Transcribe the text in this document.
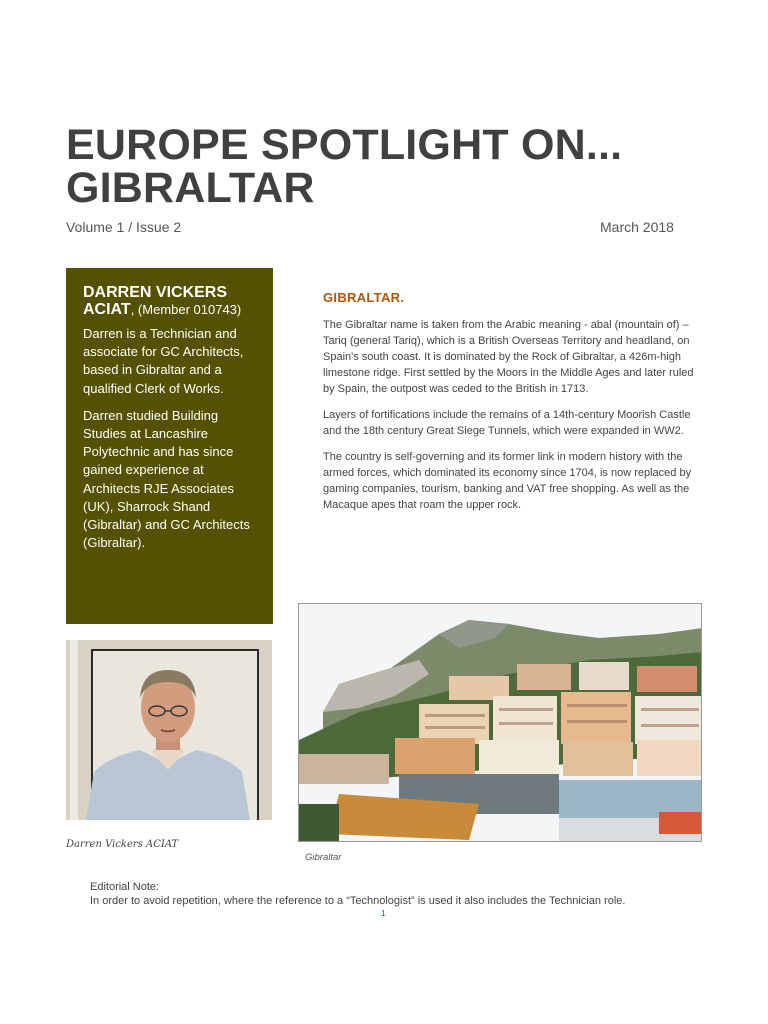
EUROPE SPOTLIGHT ON...
GIBRALTAR
Volume 1 / Issue 2	March 2018
DARREN VICKERS ACIAT, (Member 010743)

Darren is a Technician and associate for GC Architects, based in Gibraltar and a qualified Clerk of Works.

Darren studied Building Studies at Lancashire Polytechnic and has since gained experience at Architects RJE Associates (UK), Sharrock Shand (Gibraltar) and GC Architects (Gibraltar).

GIBRALTAR.

The Gibraltar name is taken from the Arabic meaning - abal (mountain of) – Tariq (general Tariq), which is a British Overseas Territory and headland, on Spain's south coast. It is dominated by the Rock of Gibraltar, a 426m-high limestone ridge. First settled by the Moors in the Middle Ages and later ruled by Spain, the outpost was ceded to the British in 1713.

Layers of fortifications include the remains of a 14th-century Moorish Castle and the 18th century Great Siege Tunnels, which were expanded in WW2.

The country is self-governing and its former link in modern history with the armed forces, which dominated its economy since 1704, is now replaced by gaming companies, tourism, banking and VAT free shopping. As well as the Macaque apes that roam the upper rock.

Darren Vickers ACIAT
Gibraltar
Editorial Note:
In order to avoid repetition, where the reference to a “Technologist” is used it also includes the Technician role.
1
